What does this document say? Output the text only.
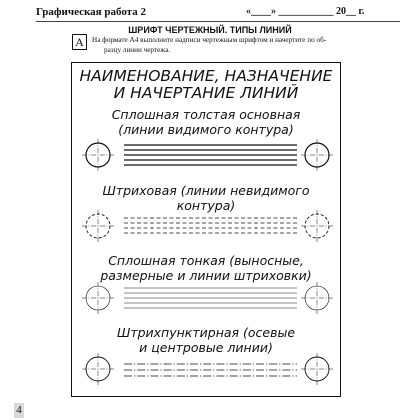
Графическая работа 2	«____» ___________ 20__ г.
ШРИФТ ЧЕРТЕЖНЫЙ. ТИПЫ ЛИНИЙ
A	На формате А4 выполните надписи чертежным шрифтом и начертите по об-
разцу линии чертежа.
НАИМЕНОВАНИЕ, НАЗНАЧЕНИЕ
И НАЧЕРТАНИЕ ЛИНИЙ
Сплошная толстая основная
(линии видимого контура)
Штриховая (линии невидимого
контура)
Сплошная тонкая (выносные,
размерные и линии штриховки)
Штрихпунктирная (осевые
и центровые линии)
4
